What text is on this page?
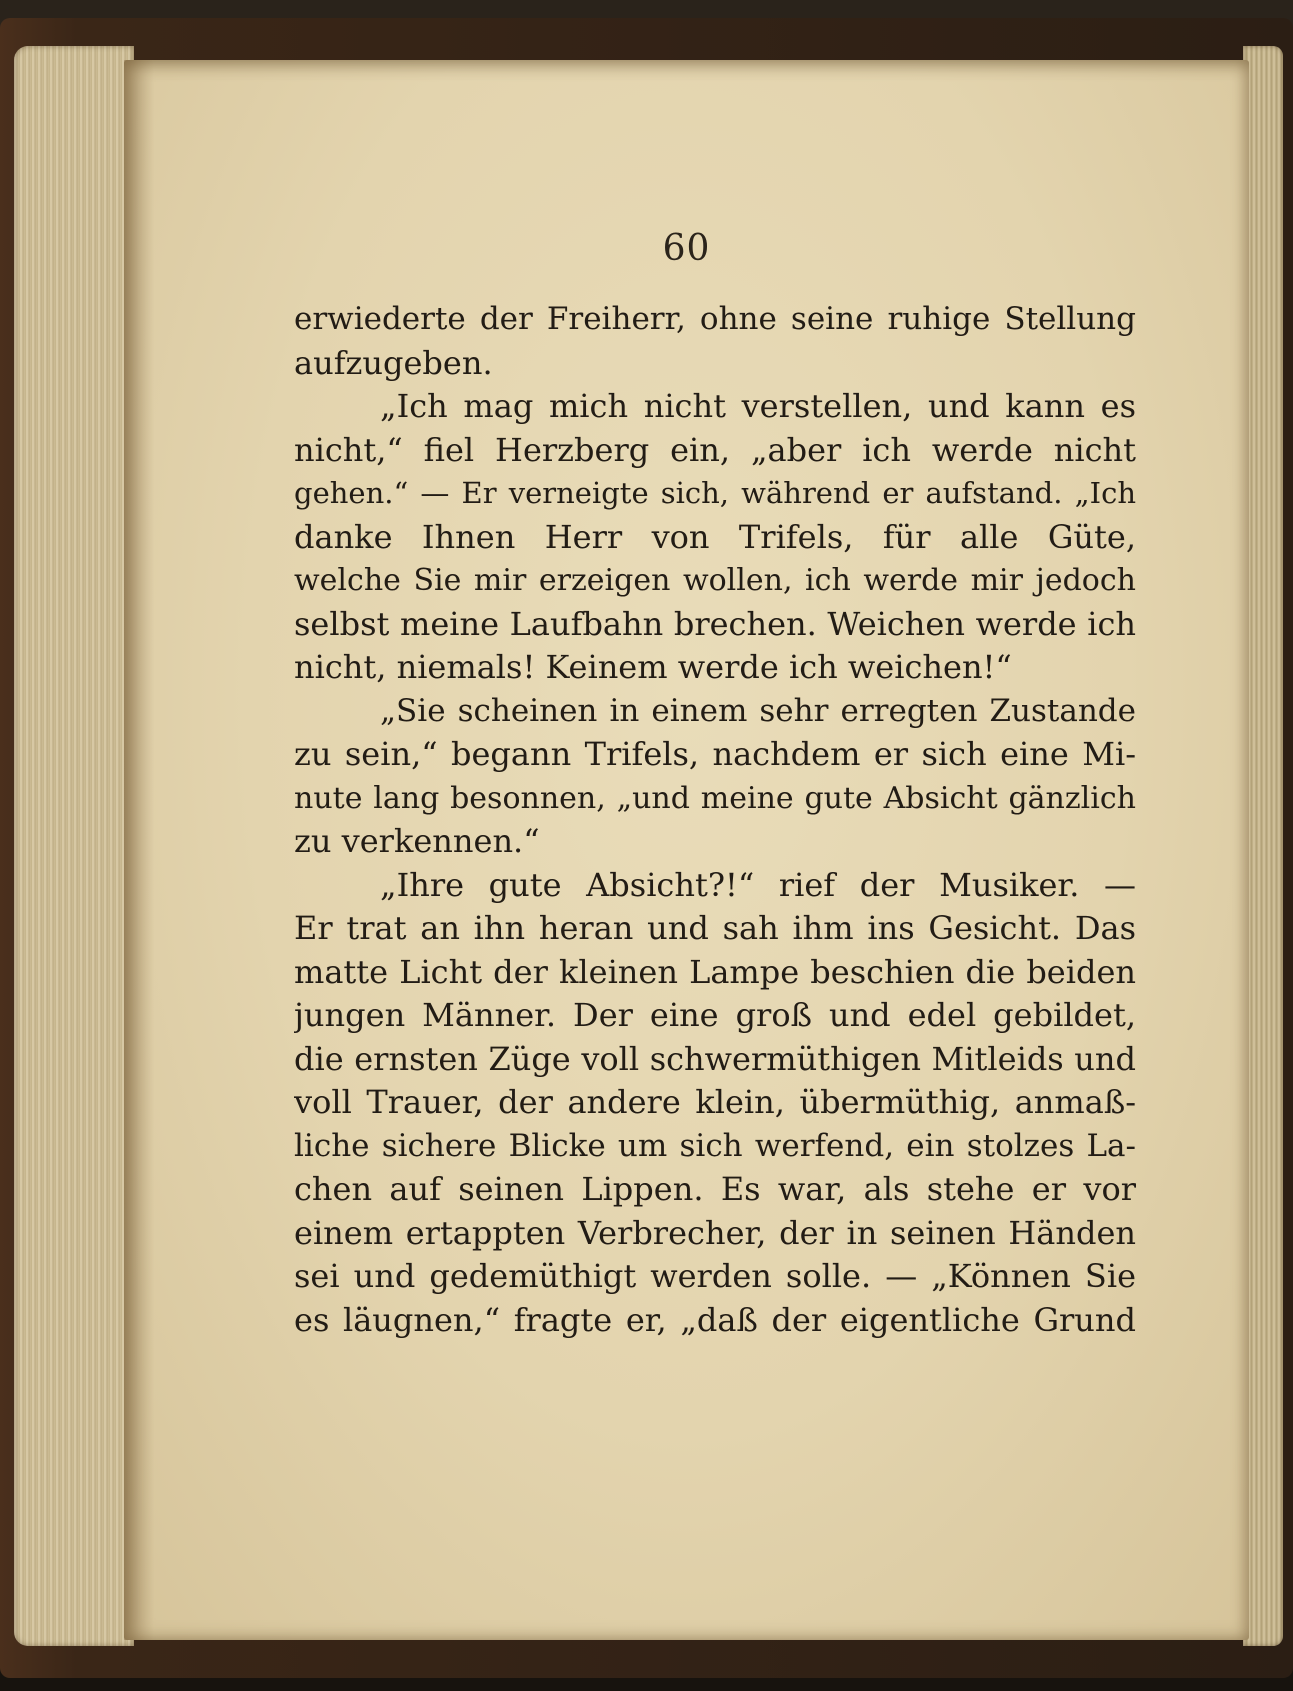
60
erwiederte der Freiherr, ohne seine ruhige Stellung
aufzugeben.
„Ich mag mich nicht verstellen, und kann es
nicht,“ fiel Herzberg ein, „aber ich werde nicht
gehen.“ — Er verneigte sich, während er aufstand. „Ich
danke Ihnen Herr von Trifels, für alle Güte,
welche Sie mir erzeigen wollen, ich werde mir jedoch
selbst meine Laufbahn brechen. Weichen werde ich
nicht, niemals! Keinem werde ich weichen!“
„Sie scheinen in einem sehr erregten Zustande
zu sein,“ begann Trifels, nachdem er sich eine Mi-
nute lang besonnen, „und meine gute Absicht gänzlich
zu verkennen.“
„Ihre gute Absicht?!“ rief der Musiker. —
Er trat an ihn heran und sah ihm ins Gesicht. Das
matte Licht der kleinen Lampe beschien die beiden
jungen Männer. Der eine groß und edel gebildet,
die ernsten Züge voll schwermüthigen Mitleids und
voll Trauer, der andere klein, übermüthig, anmaß-
liche sichere Blicke um sich werfend, ein stolzes La-
chen auf seinen Lippen. Es war, als stehe er vor
einem ertappten Verbrecher, der in seinen Händen
sei und gedemüthigt werden solle. — „Können Sie
es läugnen,“ fragte er, „daß der eigentliche Grund
